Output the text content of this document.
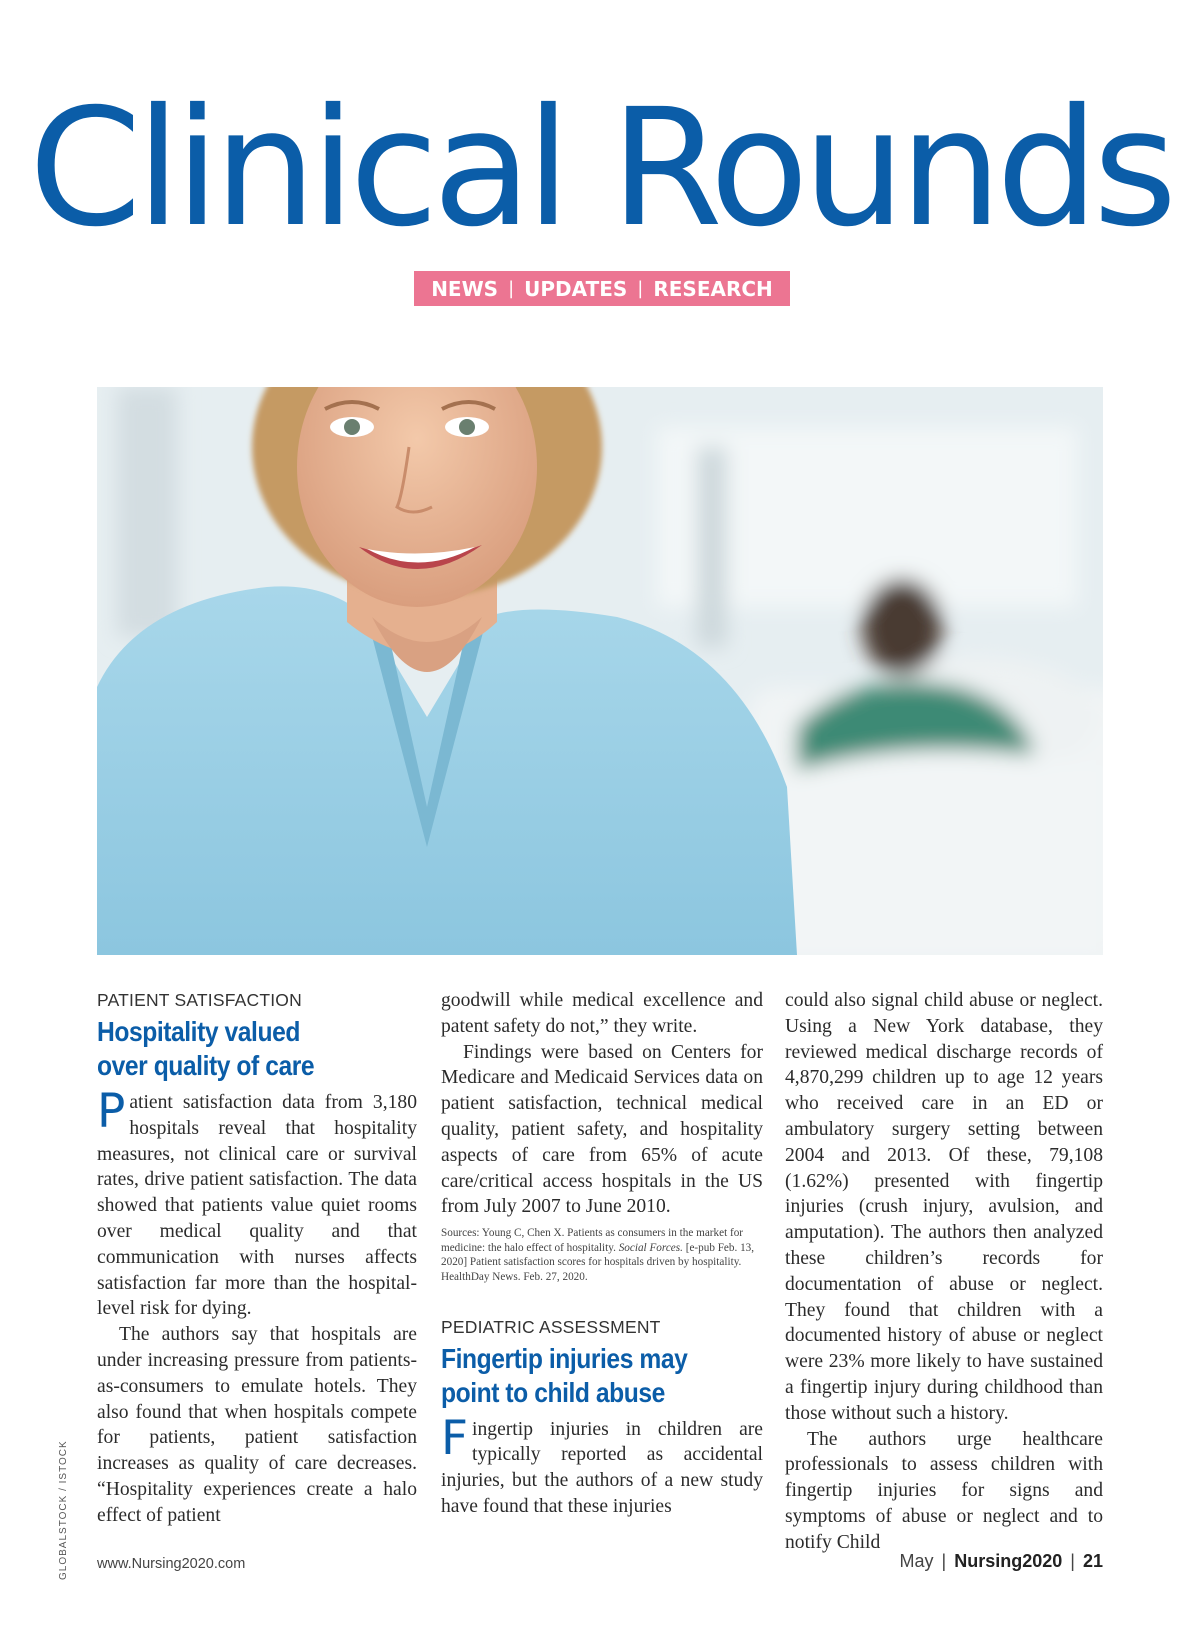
Clinical Rounds
NEWS | UPDATES | RESEARCH
GLOBALSTOCK / ISTOCK
PATIENT SATISFACTION
Hospitality valued
over quality of care

Patient satisfaction data from 3,180 hospitals reveal that hospitality measures, not clinical care or survival rates, drive patient satisfaction. The data showed that patients value quiet rooms over medical quality and that communication with nurses affects satisfaction far more than the hospital-level risk for dying.

The authors say that hospitals are under increasing pressure from patients-as-consumers to emulate hotels. They also found that when hospitals compete for patients, patient satisfaction increases as quality of care decreases. “Hospitality experiences create a halo effect of patient

goodwill while medical excellence and patent safety do not,” they write.

Findings were based on Centers for Medicare and Medicaid Services data on patient satisfaction, technical medical quality, patient safety, and hospitality aspects of care from 65% of acute care/critical access hospitals in the US from July 2007 to June 2010.

Sources: Young C, Chen X. Patients as consumers in the market for medicine: the halo effect of hospitality. Social Forces. [e-pub Feb. 13, 2020] Patient satisfaction scores for hospitals driven by hospitality. HealthDay News. Feb. 27, 2020.

PEDIATRIC ASSESSMENT
Fingertip injuries may
point to child abuse

Fingertip injuries in children are typically reported as accidental injuries, but the authors of a new study have found that these injuries

could also signal child abuse or neglect. Using a New York database, they reviewed medical discharge records of 4,870,299 children up to age 12 years who received care in an ED or ambulatory surgery setting between 2004 and 2013. Of these, 79,108 (1.62%) presented with fingertip injuries (crush injury, avulsion, and amputation). The authors then analyzed these children’s records for documentation of abuse or neglect. They found that children with a documented history of abuse or neglect were 23% more likely to have sustained a fingertip injury during childhood than those without such a history.

The authors urge healthcare professionals to assess children with fingertip injuries for signs and symptoms of abuse or neglect and to notify Child

www.Nursing2020.com	May | Nursing2020 | 21
